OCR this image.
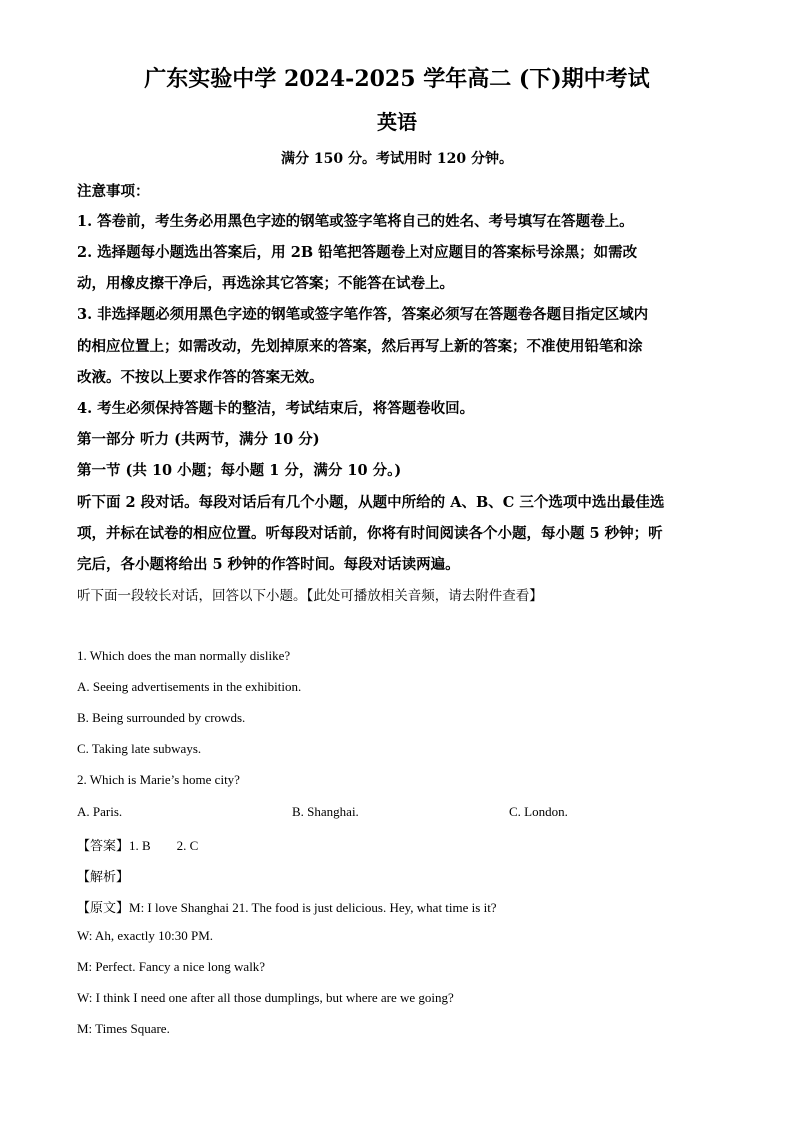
广东实验中学 2024-2025 学年高二 (下)期中考试
英语
满分 150 分。考试用时 120 分钟。
注意事项：
1. 答卷前，考生务必用黑色字迹的钢笔或签字笔将自己的姓名、考号填写在答题卷上。
2. 选择题每小题选出答案后，用 2B 铅笔把答题卷上对应题目的答案标号涂黑；如需改
动，用橡皮擦干净后，再选涂其它答案；不能答在试卷上。
3. 非选择题必须用黑色字迹的钢笔或签字笔作答，答案必须写在答题卷各题目指定区域内
的相应位置上；如需改动，先划掉原来的答案，然后再写上新的答案；不准使用铅笔和涂
改液。不按以上要求作答的答案无效。
4. 考生必须保持答题卡的整洁，考试结束后，将答题卷收回。
第一部分 听力 (共两节，满分 10 分)
第一节 (共 10 小题；每小题 1 分，满分 10 分。)
听下面 2 段对话。每段对话后有几个小题，从题中所给的 A、B、C 三个选项中选出最佳选
项，并标在试卷的相应位置。听每段对话前，你将有时间阅读各个小题，每小题 5 秒钟；听
完后，各小题将给出 5 秒钟的作答时间。每段对话读两遍。
听下面一段较长对话，回答以下小题。【此处可播放相关音频，请去附件查看】
1. Which does the man normally dislike?
A. Seeing advertisements in the exhibition.
B. Being surrounded by crowds.
C. Taking late subways.
2. Which is Marie’s home city?
A. Paris.	B. Shanghai.	C. London.
【答案】1. B        2. C
【解析】
【原文】M: I love Shanghai 21. The food is just delicious. Hey, what time is it?
W: Ah, exactly 10:30 PM.
M: Perfect. Fancy a nice long walk?
W: I think I need one after all those dumplings, but where are we going?
M: Times Square.
